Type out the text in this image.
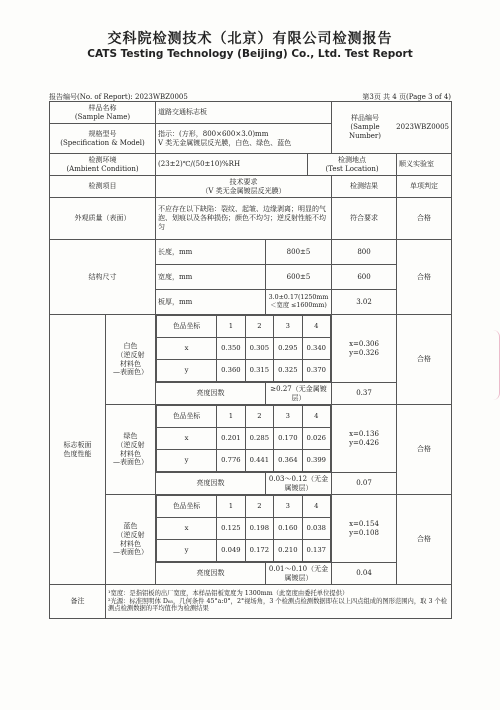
交科院检测技术（北京）有限公司检测报告
CATS Testing Technology (Beijing) Co., Ltd. Test Report
报告编号(No. of Report): 2023WBZ0005	第3页 共 4 页(Page 3 of 4)
样品名称
(Sample Name)	道路交通标志板	
样品编号
(Sample Number)
2023WBZ0005

规格型号
(Specification & Model)	指示：(方形，800×600×3.0)mm
V 类无金属镀层反光膜，白色、绿色、蓝色
检测环境
(Ambient Condition)	(23±2)℃/(50±10)%RH	检测地点
(Test Location)	顺义实验室
检测项目	技术要求
（V 类无金属镀层反光膜）	检测结果	单项判定
外观质量（表面）	不应存在以下缺陷：裂纹、起皱、边缘剥离；明显的气泡、划痕以及各种损伤；颜色不均匀；逆反射性能不均匀	符合要求	合格
结构尺寸	长度，mm	800±5	800	合格
宽度，mm	600±5	600
板厚，mm	3.0±0.17(1250mm＜宽度 ≤1600mm)	3.02
标志板面
色度性能	白色
（逆反射
材料色
—表面色）	
色品坐标	1	2	3	4
x	0.350	0.305	0.295	0.340
y	0.360	0.315	0.325	0.370
	x=0.306
y=0.326	合格

亮度因数	≥0.27（无金属镀层）	0.37
绿色
（逆反射
材料色
—表面色）	
色品坐标	1	2	3	4
x	0.201	0.285	0.170	0.026
y	0.776	0.441	0.364	0.399
	x=0.136
y=0.426	合格

亮度因数	0.03～0.12（无金属镀层）	0.07
蓝色
（逆反射
材料色
—表面色）	
色品坐标	1	2	3	4
x	0.125	0.198	0.160	0.038
y	0.049	0.172	0.210	0.137
	x=0.154
y=0.108	合格

亮度因数	0.01～0.10（无金属镀层）	0.04
备注	¹宽度：是指铝板的出厂宽度，本样品铝板宽度为 1300mm（此宽度由委托单位提供）
²光源：标准照明体 D₆₅，几何条件 45°a:0°，2°视场角，3 个检测点检测数据即在以上四点组成的图形范围内，取 3 个检测点检测数据的平均值作为检测结果
